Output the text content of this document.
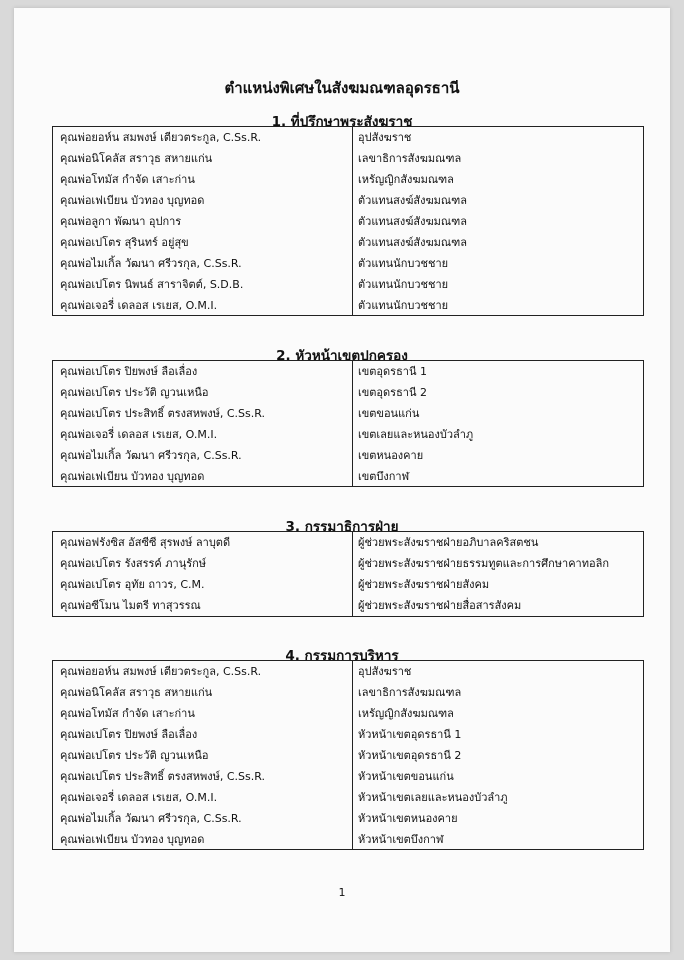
ตำแหน่งพิเศษในสังฆมณฑลอุดรธานี
1. ที่ปรึกษาพระสังฆราช
คุณพ่อยอห์น สมพงษ์ เตียวตระกูล, C.Ss.R.	อุปสังฆราช
คุณพ่อนิโคลัส สราวุธ สหายแก่น	เลขาธิการสังฆมณฑล
คุณพ่อโทมัส กำจัด เสาะก่าน	เหรัญญิกสังฆมณฑล
คุณพ่อเฟเบียน บัวทอง บุญทอด	ตัวแทนสงฆ์สังฆมณฑล
คุณพ่อลูกา พัฒนา อุปการ	ตัวแทนสงฆ์สังฆมณฑล
คุณพ่อเปโตร สุรินทร์ อยู่สุข	ตัวแทนสงฆ์สังฆมณฑล
คุณพ่อไมเกิ้ล วัฒนา ศรีวรกุล, C.Ss.R.	ตัวแทนนักบวชชาย
คุณพ่อเปโตร นิพนธ์ สาราจิตต์, S.D.B.	ตัวแทนนักบวชชาย
คุณพ่อเจอรี่ เดลอส เรเยส, O.M.I.	ตัวแทนนักบวชชาย
2. หัวหน้าเขตปกครอง
คุณพ่อเปโตร ปิยพงษ์ ลือเลื่อง	เขตอุดรธานี 1
คุณพ่อเปโตร ประวัติ ญวนเหนือ	เขตอุดรธานี 2
คุณพ่อเปโตร ประสิทธิ์ ตรงสหพงษ์, C.Ss.R.	เขตขอนแก่น
คุณพ่อเจอรี่ เดลอส เรเยส, O.M.I.	เขตเลยและหนองบัวลำภู
คุณพ่อไมเกิ้ล วัฒนา ศรีวรกุล, C.Ss.R.	เขตหนองคาย
คุณพ่อเฟเบียน บัวทอง บุญทอด	เขตบึงกาฬ
3. กรรมาธิการฝ่าย
คุณพ่อฟรังซิส อัสซีซี สุรพงษ์ ลาบุตดี	ผู้ช่วยพระสังฆราชฝ่ายอภิบาลคริสตชน
คุณพ่อเปโตร รังสรรค์ ภานุรักษ์	ผู้ช่วยพระสังฆราชฝ่ายธรรมทูตและการศึกษาคาทอลิก
คุณพ่อเปโตร อุทัย ถาวร, C.M.	ผู้ช่วยพระสังฆราชฝ่ายสังคม
คุณพ่อซีโมน ไมตรี ทาสุวรรณ	ผู้ช่วยพระสังฆราชฝ่ายสื่อสารสังคม
4. กรรมการบริหาร
คุณพ่อยอห์น สมพงษ์ เตียวตระกูล, C.Ss.R.	อุปสังฆราช
คุณพ่อนิโคลัส สราวุธ สหายแก่น	เลขาธิการสังฆมณฑล
คุณพ่อโทมัส กำจัด เสาะก่าน	เหรัญญิกสังฆมณฑล
คุณพ่อเปโตร ปิยพงษ์ ลือเลื่อง	หัวหน้าเขตอุดรธานี 1
คุณพ่อเปโตร ประวัติ ญวนเหนือ	หัวหน้าเขตอุดรธานี 2
คุณพ่อเปโตร ประสิทธิ์ ตรงสหพงษ์, C.Ss.R.	หัวหน้าเขตขอนแก่น
คุณพ่อเจอรี่ เดลอส เรเยส, O.M.I.	หัวหน้าเขตเลยและหนองบัวลำภู
คุณพ่อไมเกิ้ล วัฒนา ศรีวรกุล, C.Ss.R.	หัวหน้าเขตหนองคาย
คุณพ่อเฟเบียน บัวทอง บุญทอด	หัวหน้าเขตบึงกาฬ
1
